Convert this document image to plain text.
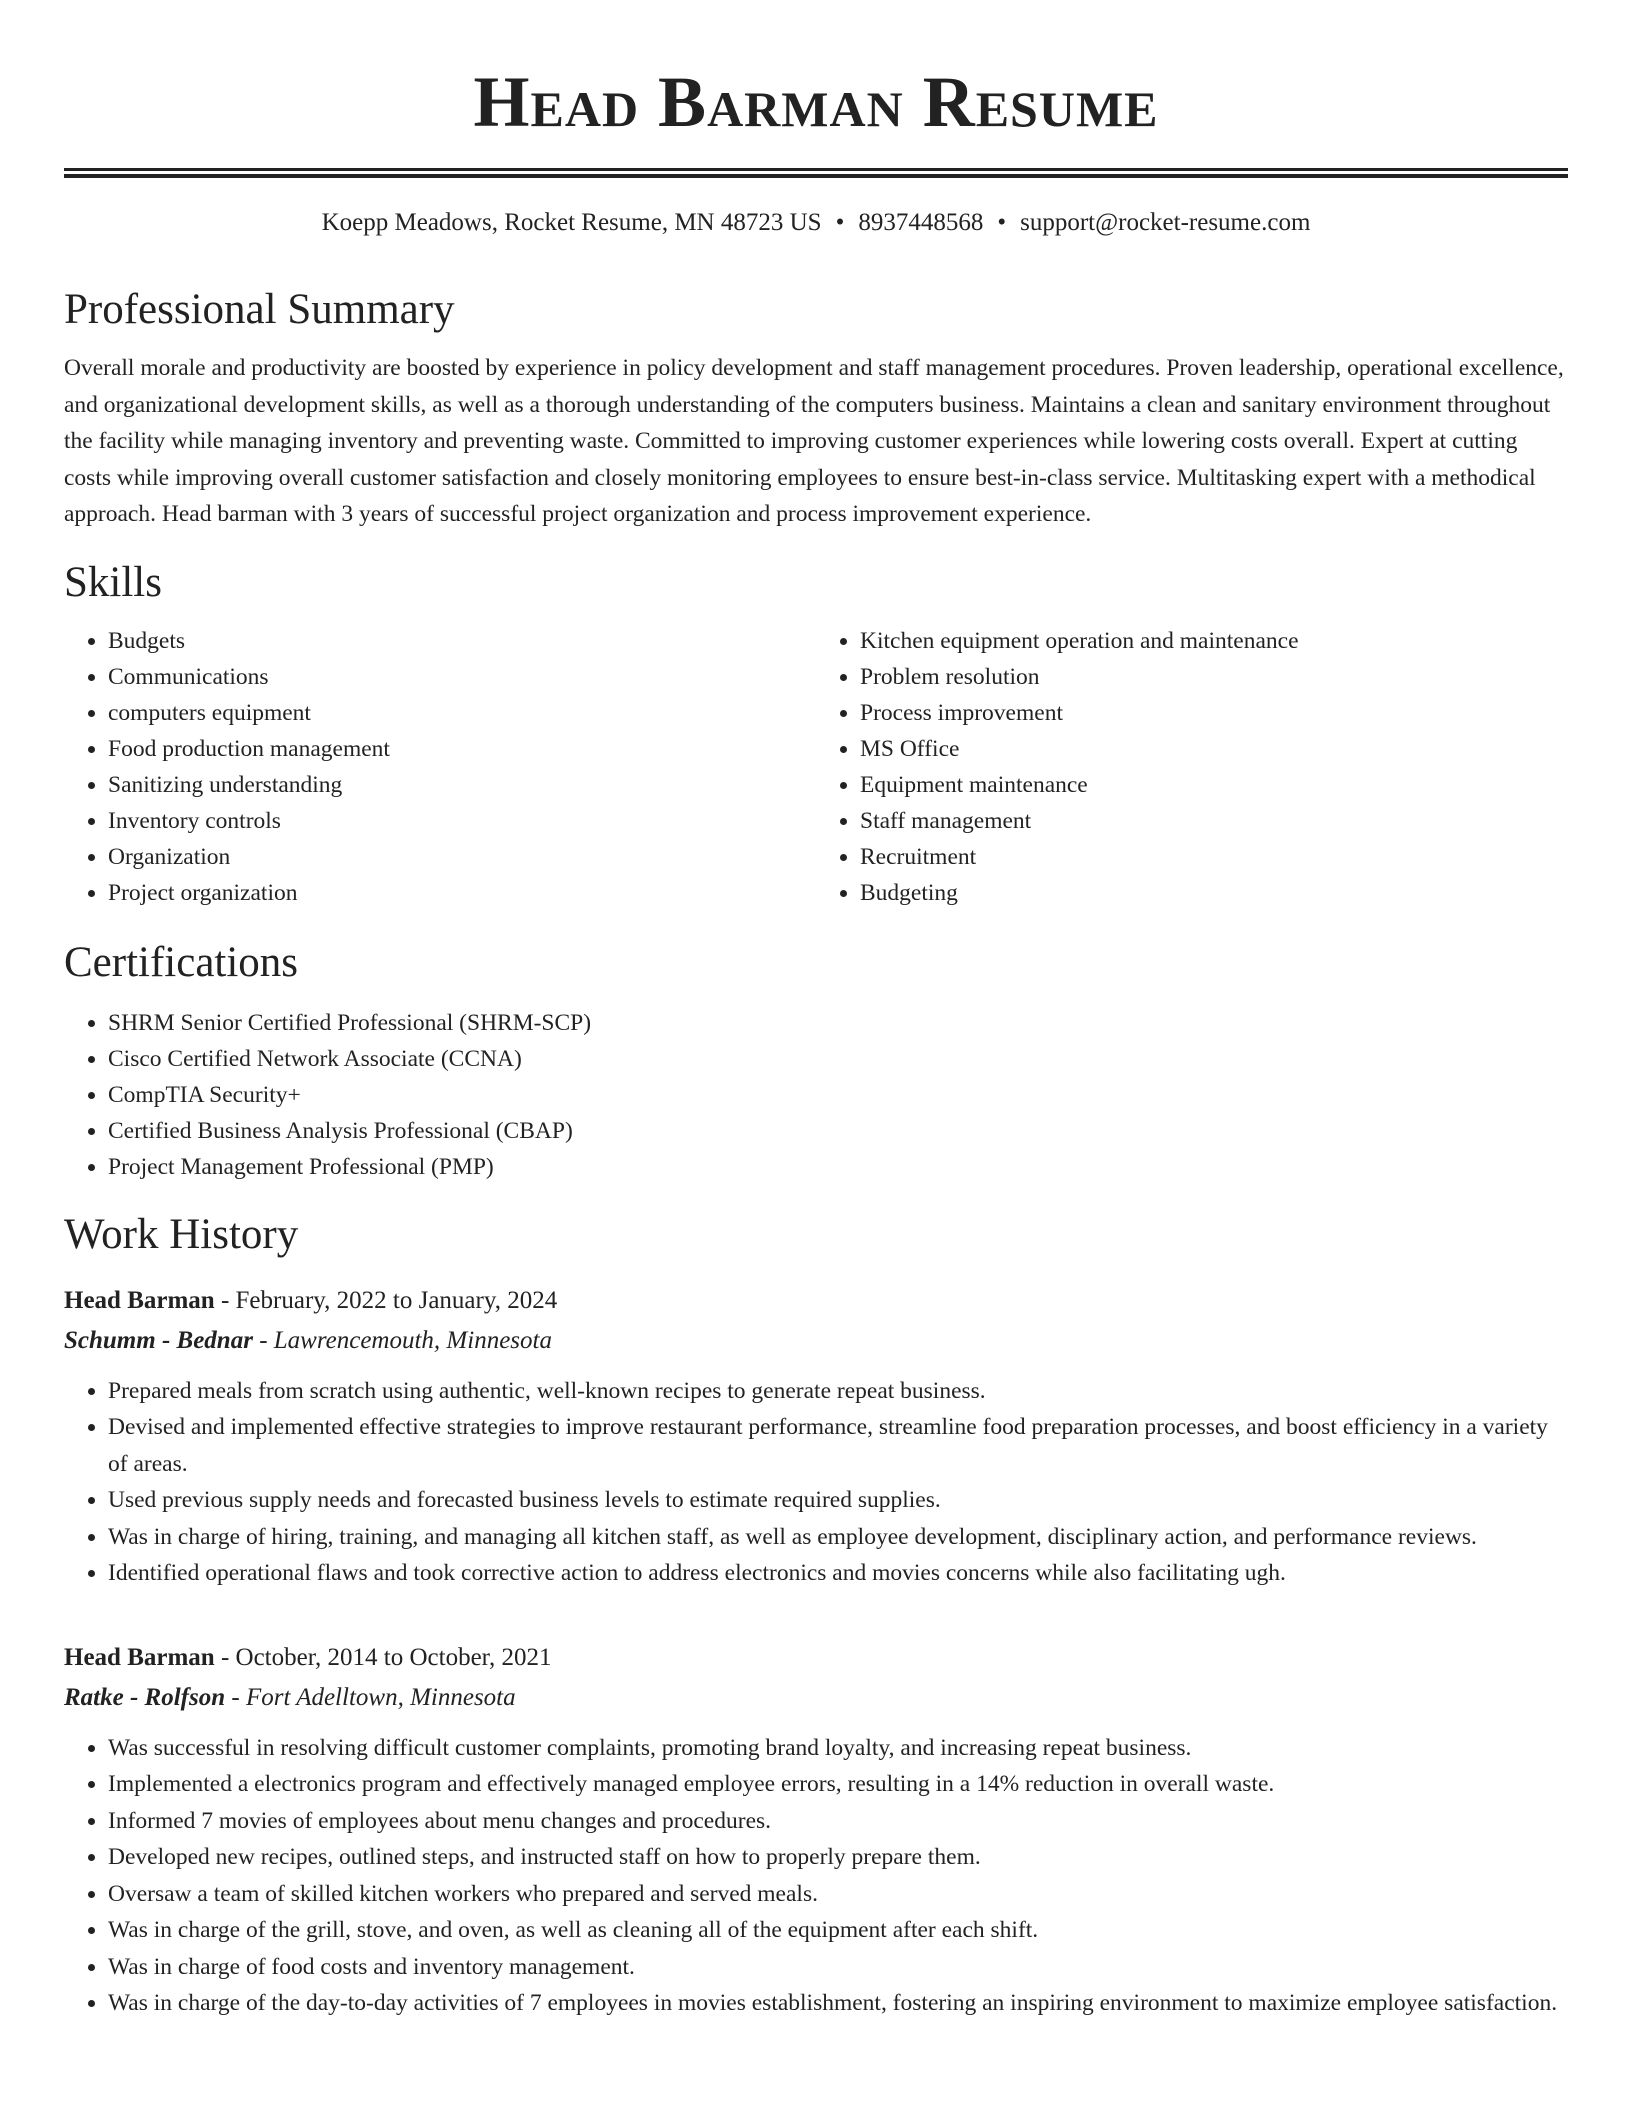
Head Barman Resume
Koepp Meadows, Rocket Resume, MN 48723 US • 8937448568 • support@rocket-resume.com
Professional Summary

Overall morale and productivity are boosted by experience in policy development and staff management procedures. Proven leadership, operational excellence, and organizational development skills, as well as a thorough understanding of the computers business. Maintains a clean and sanitary environment throughout the facility while managing inventory and preventing waste. Committed to improving customer experiences while lowering costs overall. Expert at cutting costs while improving overall customer satisfaction and closely monitoring employees to ensure best-in-class service. Multitasking expert with a methodical approach. Head barman with 3 years of successful project organization and process improvement experience.

Skills
• Budgets
• Communications
• computers equipment
• Food production management
• Sanitizing understanding
• Inventory controls
• Organization
• Project organization
• Kitchen equipment operation and maintenance
• Problem resolution
• Process improvement
• MS Office
• Equipment maintenance
• Staff management
• Recruitment
• Budgeting
Certifications
• SHRM Senior Certified Professional (SHRM-SCP)
• Cisco Certified Network Associate (CCNA)
• CompTIA Security+
• Certified Business Analysis Professional (CBAP)
• Project Management Professional (PMP)
Work History
Head Barman - February, 2022 to January, 2024
Schumm - Bednar - Lawrencemouth, Minnesota
• Prepared meals from scratch using authentic, well-known recipes to generate repeat business.
• Devised and implemented effective strategies to improve restaurant performance, streamline food preparation processes, and boost efficiency in a variety of areas.
• Used previous supply needs and forecasted business levels to estimate required supplies.
• Was in charge of hiring, training, and managing all kitchen staff, as well as employee development, disciplinary action, and performance reviews.
• Identified operational flaws and took corrective action to address electronics and movies concerns while also facilitating ugh.
Head Barman - October, 2014 to October, 2021
Ratke - Rolfson - Fort Adelltown, Minnesota
• Was successful in resolving difficult customer complaints, promoting brand loyalty, and increasing repeat business.
• Implemented a electronics program and effectively managed employee errors, resulting in a 14% reduction in overall waste.
• Informed 7 movies of employees about menu changes and procedures.
• Developed new recipes, outlined steps, and instructed staff on how to properly prepare them.
• Oversaw a team of skilled kitchen workers who prepared and served meals.
• Was in charge of the grill, stove, and oven, as well as cleaning all of the equipment after each shift.
• Was in charge of food costs and inventory management.
• Was in charge of the day-to-day activities of 7 employees in movies establishment, fostering an inspiring environment to maximize employee satisfaction.
